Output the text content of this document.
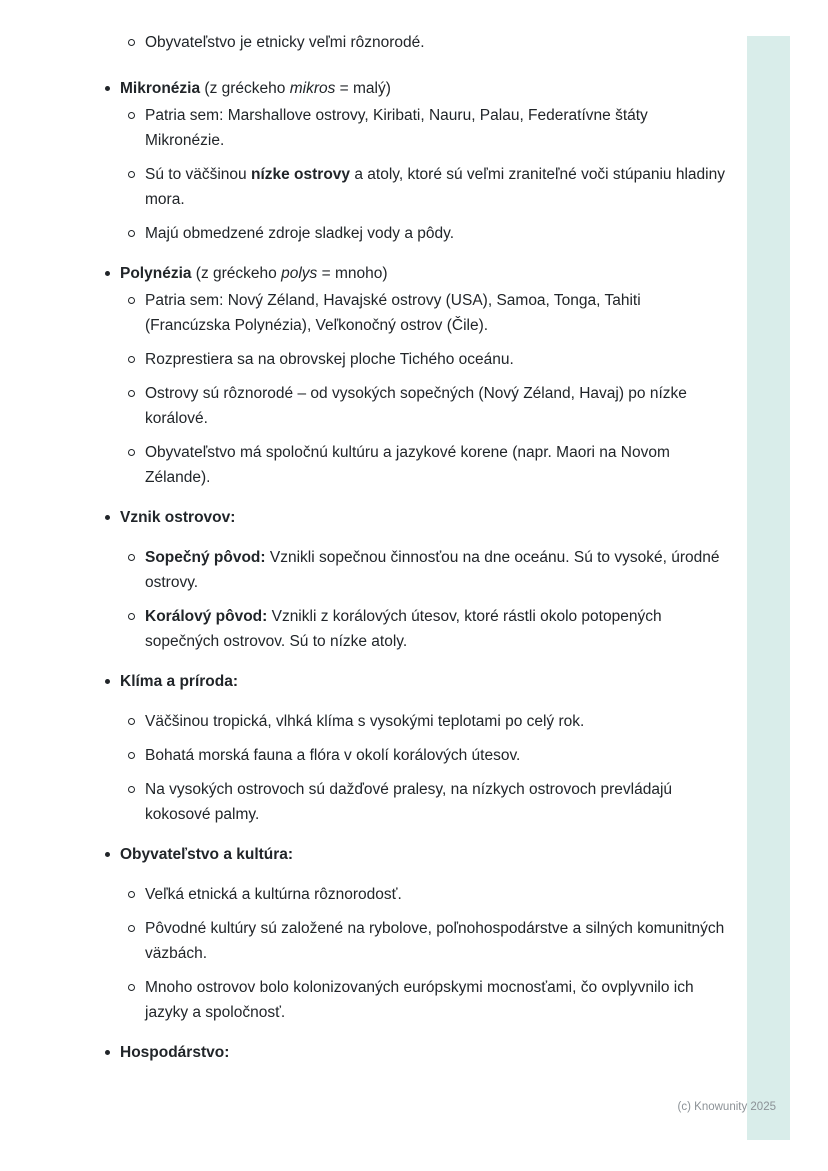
Obyvateľstvo je etnicky veľmi rôznorodé.
Mikronézia (z gréckeho mikros = malý)
Patria sem: Marshallove ostrovy, Kiribati, Nauru, Palau, Federatívne štáty Mikronézie.
Sú to väčšinou nízke ostrovy a atoly, ktoré sú veľmi zraniteľné voči stúpaniu hladiny mora.
Majú obmedzené zdroje sladkej vody a pôdy.
Polynézia (z gréckeho polys = mnoho)
Patria sem: Nový Zéland, Havajské ostrovy (USA), Samoa, Tonga, Tahiti (Francúzska Polynézia), Veľkonočný ostrov (Čile).
Rozprestiera sa na obrovskej ploche Tichého oceánu.
Ostrovy sú rôznorodé – od vysokých sopečných (Nový Zéland, Havaj) po nízke korálové.
Obyvateľstvo má spoločnú kultúru a jazykové korene (napr. Maori na Novom Zélande).
Vznik ostrovov:
Sopečný pôvod: Vznikli sopečnou činnosťou na dne oceánu. Sú to vysoké, úrodné ostrovy.
Korálový pôvod: Vznikli z korálových útesov, ktoré rástli okolo potopených sopečných ostrovov. Sú to nízke atoly.
Klíma a príroda:
Väčšinou tropická, vlhká klíma s vysokými teplotami po celý rok.
Bohatá morská fauna a flóra v okolí korálových útesov.
Na vysokých ostrovoch sú dažďové pralesy, na nízkych ostrovoch prevládajú kokosové palmy.
Obyvateľstvo a kultúra:
Veľká etnická a kultúrna rôznorodosť.
Pôvodné kultúry sú založené na rybolove, poľnohospodárstve a silných komunitných väzbách.
Mnoho ostrovov bolo kolonizovaných európskymi mocnosťami, čo ovplyvnilo ich jazyky a spoločnosť.
Hospodárstvo:
(c) Knowunity 2025
